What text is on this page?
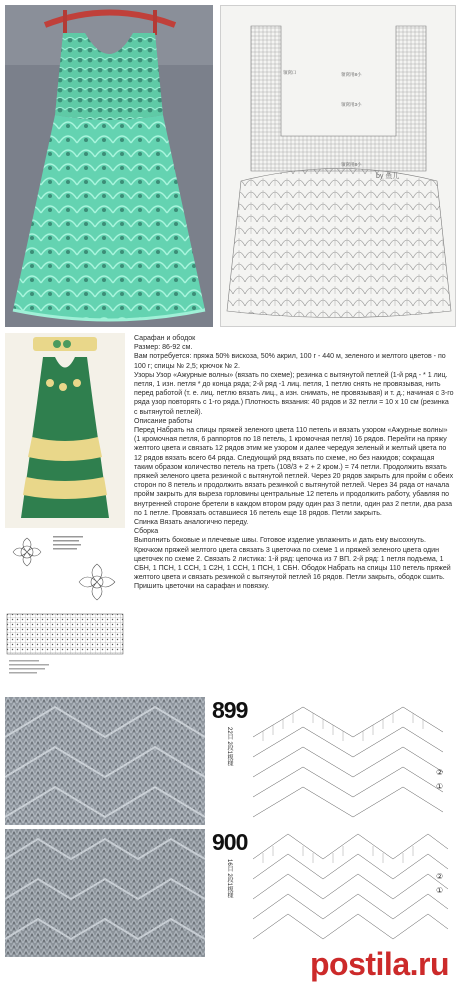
领窝口	領窝用8小
领窝用3小
领窝用8小
by 鱼儿

Сарафан и ободок

Размер: 86-92 см.

Вам потребуется: пряжа 50% вискоза, 50% акрил, 100 г - 440 м, зеленого и желтого цветов - по 100 г; спицы № 2,5; крючок № 2.

Узоры Узор «Ажурные волны» (вязать по схеме); резинка с вытянутой петлей (1-й ряд - * 1 лиц. петля, 1 изн. петля * до конца ряда; 2-й ряд -1 лиц. петля, 1 петлю снять не провязывая, нить перед работой (т. е. лиц. петлю вязать лиц., а изн. снимать, не провязывая) и т. д.; начиная с 3-го ряда узор повторять с 1-го ряда.) Плотность вязания: 40 рядов и 32 петли = 10 х 10 см (резинка с вытянутой петлей).

Описание работы

Перед Набрать на спицы пряжей зеленого цвета 110 петель и вязать узором «Ажурные волны» (1 кромочная петля, 6 раппортов по 18 петель, 1 кромочная петля) 16 рядов. Перейти на пряжу желтого цвета и связать 12 рядов этим же узором и далее чередуя зеленый и желтый цвета по 12 рядов вязать всего 64 ряда. Следующий ряд вязать по схеме, но без накидов; сокращая таким образом количество петель на треть (108/3 + 2 + 2 кром.) = 74 петли. Продолжить вязать пряжей зеленого цвета резинкой с вытянутой петлей. Через 20 рядов закрыть для пройм с обеих сторон по 8 петель и продолжить вязать резинкой с вытянутой петлей. Через 34 ряда от начала пройм закрыть для выреза горловины центральные 12 петель и продолжить работу, убавляя по внутренней стороне бретели в каждом втором ряду один раз 3 петли, один раз 2 петли, два раза по 1 петле. Провязать оставшиеся 16 петель еще 18 рядов. Петли закрыть.

Спинка Вязать аналогично переду.

Сборка

Выполнить боковые и плечевые швы. Готовое изделие увлажнить и дать ему высохнуть. Крючком пряжей желтого цвета связать 3 цветочка по схеме 1 и пряжей зеленого цвета один цветочек по схеме 2. Связать 2 листика: 1-й ряд: цепочка из 7 ВП. 2-й ряд: 1 петля подъема, 1 СБН, 1 ПСН, 1 ССН, 1 С2Н, 1 ССН, 1 ПСН, 1 СБН. Ободок Набрать на спицы 110 петель пряжей желтого цвета и связать резинкой с вытянутой петлей 16 рядов. Петли закрыть, ободок сшить. Пришить цветочки на сарафан и повязку.

899
22目 2段1模様
②
①
900
16目 2段1模様	②
①
postila.ru
